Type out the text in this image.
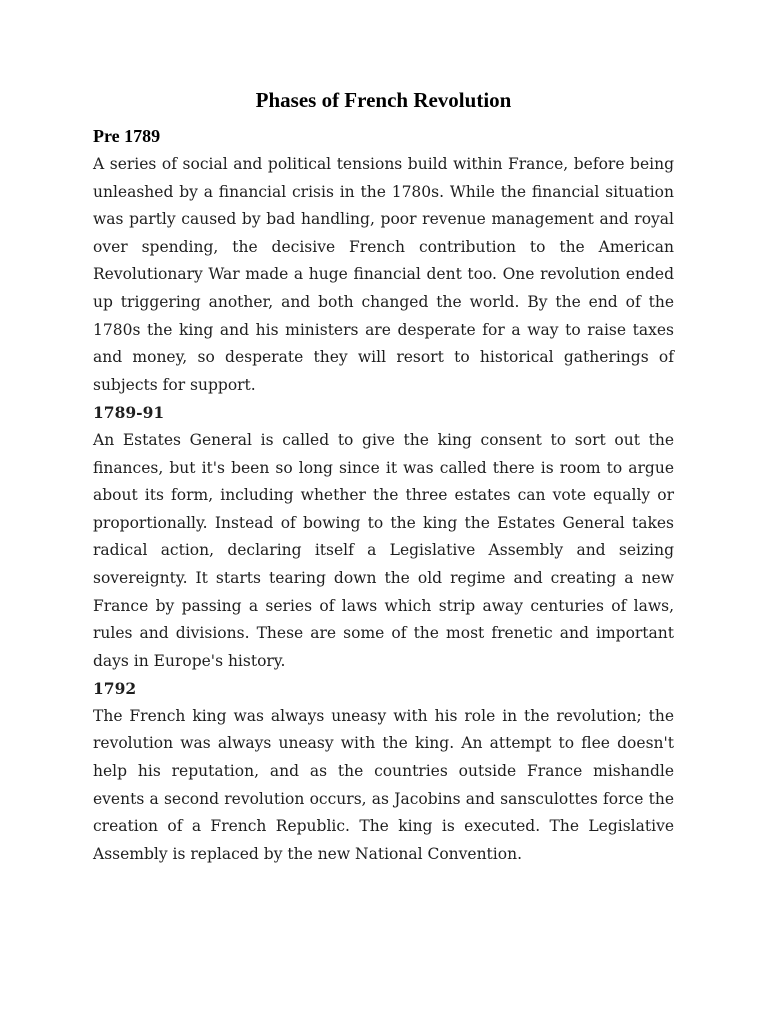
Phases of French Revolution
Pre 1789

A series of social and political tensions build within France, before being unleashed by a financial crisis in the 1780s. While the financial situation was partly caused by bad handling, poor revenue management and royal over spending, the decisive French contribution to the American Revolutionary War made a huge financial dent too. One revolution ended up triggering another, and both changed the world. By the end of the 1780s the king and his ministers are desperate for a way to raise taxes and money, so desperate they will resort to historical gatherings of subjects for support.

1789-91

An Estates General is called to give the king consent to sort out the finances, but it's been so long since it was called there is room to argue about its form, including whether the three estates can vote equally or proportionally. Instead of bowing to the king the Estates General takes radical action, declaring itself a Legislative Assembly and seizing sovereignty. It starts tearing down the old regime and creating a new France by passing a series of laws which strip away centuries of laws, rules and divisions. These are some of the most frenetic and important days in Europe's history.

1792

The French king was always uneasy with his role in the revolution; the revolution was always uneasy with the king. An attempt to flee doesn't help his reputation, and as the countries outside France mishandle events a second revolution occurs, as Jacobins and sansculottes force the creation of a French Republic. The king is executed. The Legislative Assembly is replaced by the new National Convention.
